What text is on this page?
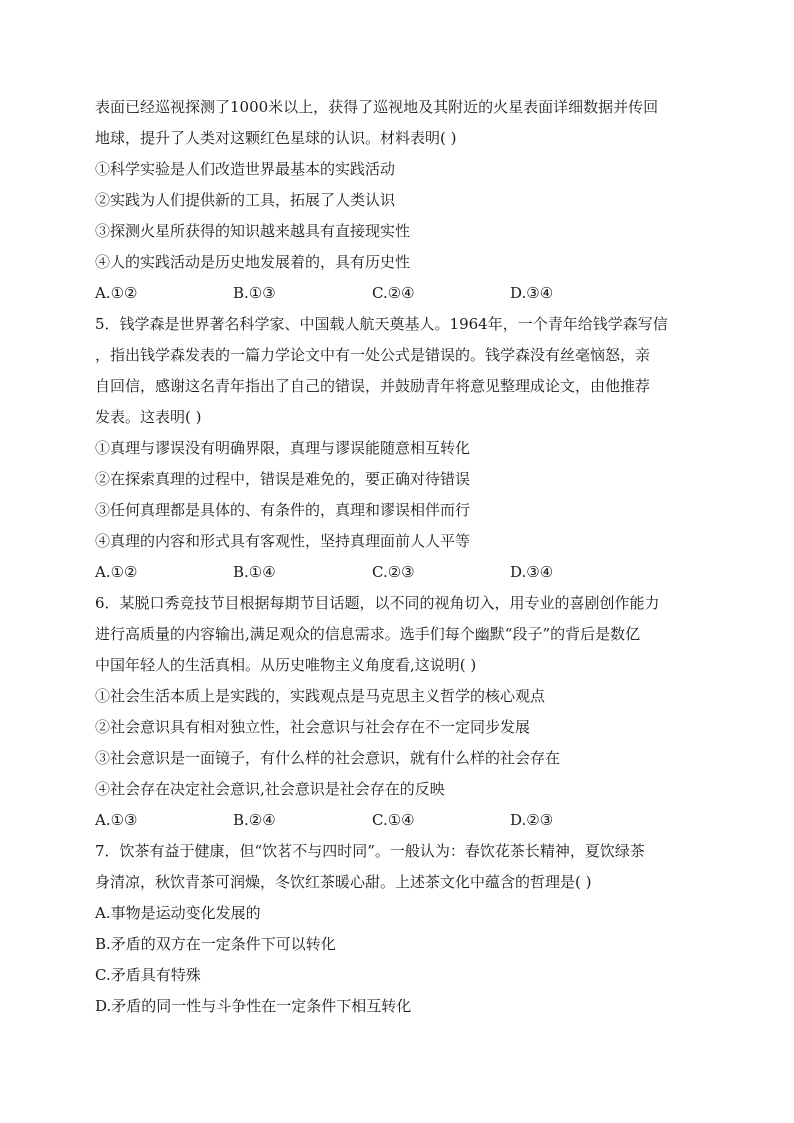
表面已经巡视探测了1000米以上，获得了巡视地及其附近的火星表面详细数据并传回
地球，提升了人类对这颗红色星球的认识。材料表明( )
①科学实验是人们改造世界最基本的实践活动
②实践为人们提供新的工具，拓展了人类认识
③探测火星所获得的知识越来越具有直接现实性
④人的实践活动是历史地发展着的，具有历史性
A.①②	B.①③	C.②④	D.③④
5．钱学森是世界著名科学家、中国载人航天奠基人。1964年，一个青年给钱学森写信
，指出钱学森发表的一篇力学论文中有一处公式是错误的。钱学森没有丝毫恼怒，亲
自回信，感谢这名青年指出了自己的错误，并鼓励青年将意见整理成论文，由他推荐
发表。这表明( )
①真理与谬误没有明确界限，真理与谬误能随意相互转化
②在探索真理的过程中，错误是难免的，要正确对待错误
③任何真理都是具体的、有条件的，真理和谬误相伴而行
④真理的内容和形式具有客观性，坚持真理面前人人平等
A.①②	B.①④	C.②③	D.③④
6．某脱口秀竞技节目根据每期节目话题，以不同的视角切入，用专业的喜剧创作能力
进行高质量的内容输出,满足观众的信息需求。选手们每个幽默“段子”的背后是数亿
中国年轻人的生活真相。从历史唯物主义角度看,这说明( )
①社会生活本质上是实践的，实践观点是马克思主义哲学的核心观点
②社会意识具有相对独立性，社会意识与社会存在不一定同步发展
③社会意识是一面镜子，有什么样的社会意识，就有什么样的社会存在
④社会存在决定社会意识,社会意识是社会存在的反映
A.①③	B.②④	C.①④	D.②③
7．饮茶有益于健康，但“饮茗不与四时同”。一般认为：春饮花茶长精神，夏饮绿茶
身清凉，秋饮青茶可润燥，冬饮红茶暖心甜。上述茶文化中蕴含的哲理是( )
A.事物是运动变化发展的
B.矛盾的双方在一定条件下可以转化
C.矛盾具有特殊
D.矛盾的同一性与斗争性在一定条件下相互转化
